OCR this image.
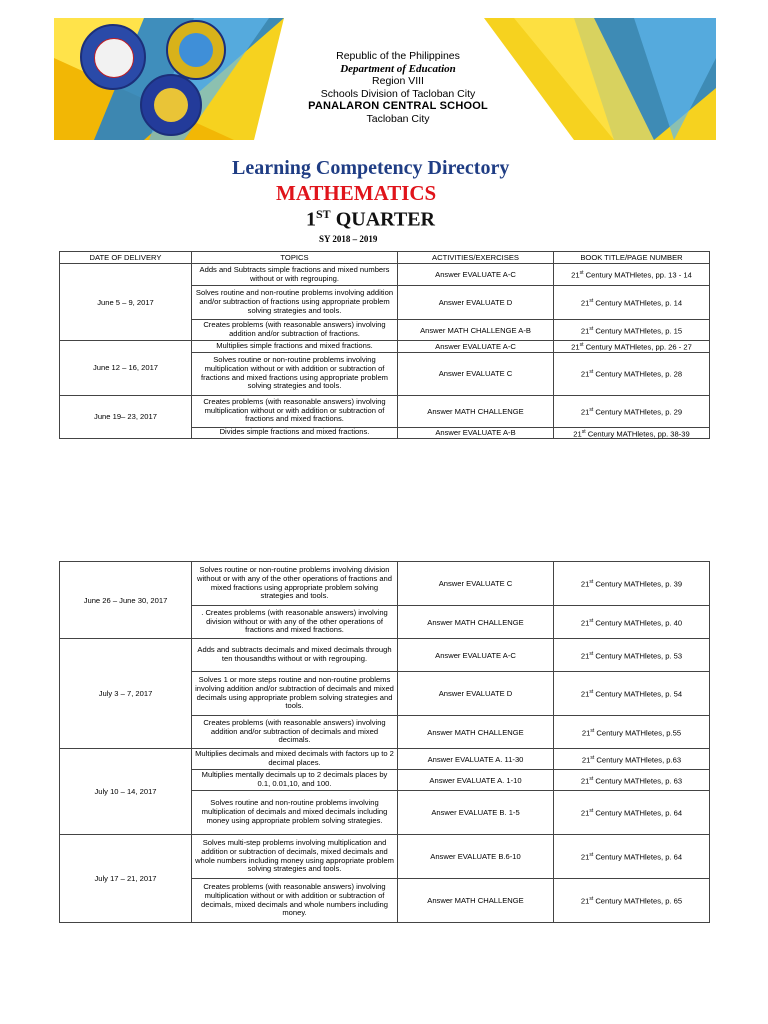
Republic of the Philippines
Department of Education
Region VIII
Schools Division of Tacloban City
PANALARON CENTRAL SCHOOL
Tacloban City
Learning Competency Directory
MATHEMATICS
1ST QUARTER
SY 2018 – 2019
DATE OF DELIVERY	TOPICS	ACTIVITIES/EXERCISES	BOOK TITLE/PAGE NUMBER
June 5 – 9, 2017	Adds and Subtracts simple fractions and mixed numbers without or with regrouping.	Answer EVALUATE A-C	21st Century MATHletes, pp. 13 - 14
	Solves routine and non-routine problems involving addition and/or subtraction of fractions using appropriate problem solving strategies and tools.	Answer EVALUATE D	21st Century MATHletes, p. 14
	Creates problems (with reasonable answers) involving addition and/or subtraction of fractions.	Answer MATH CHALLENGE A-B	21st Century MATHletes, p. 15
June 12 – 16, 2017	Multiplies simple fractions and mixed fractions.	Answer EVALUATE A-C	21st Century MATHletes, pp. 26 - 27
	Solves routine or non-routine problems involving multiplication without or with addition or subtraction of fractions and mixed fractions using appropriate problem solving strategies and tools.	Answer EVALUATE C	21st Century MATHletes, p. 28
June 19– 23, 2017	Creates problems (with reasonable answers) involving multiplication without or with addition or subtraction of fractions and mixed fractions.	Answer MATH CHALLENGE	21st Century MATHletes, p. 29
	Divides simple fractions and mixed fractions.	Answer EVALUATE A-B	21st Century MATHletes, pp. 38-39
June 26 – June 30, 2017	Solves routine or non-routine problems involving division without or with any of the other operations of fractions and mixed fractions using appropriate problem solving strategies and tools.	Answer EVALUATE C	21st Century MATHletes, p. 39
	. Creates problems (with reasonable answers) involving division without or with any of the other operations of fractions and mixed fractions.	Answer MATH CHALLENGE	21st Century MATHletes, p. 40
July 3 – 7, 2017	Adds and subtracts decimals and mixed decimals through ten thousandths without or with regrouping.	Answer EVALUATE A-C	21st Century MATHletes, p. 53
	Solves 1 or more steps routine and non-routine problems involving addition and/or subtraction of decimals and mixed decimals using appropriate problem solving strategies and tools.	Answer EVALUATE D	21st Century MATHletes, p. 54
	Creates problems (with reasonable answers) involving addition and/or subtraction of decimals and mixed decimals.	Answer MATH CHALLENGE	21st Century MATHletes, p.55
July 10 – 14, 2017	Multiplies decimals and mixed decimals with factors up to 2 decimal places.	Answer EVALUATE A. 11-30	21st Century MATHletes, p.63
	Multiplies mentally decimals up to 2 decimals places by 0.1, 0.01,10, and 100.	Answer EVALUATE A. 1-10	21st Century MATHletes, p. 63
	Solves routine and non-routine problems involving multiplication of decimals and mixed decimals including money using appropriate problem solving strategies.	Answer EVALUATE B. 1-5	21st Century MATHletes, p. 64
July 17 – 21, 2017	Solves multi-step problems involving multiplication and addition or subtraction of decimals, mixed decimals and whole numbers including money using appropriate problem solving strategies and tools.	Answer EVALUATE B.6-10	21st Century MATHletes, p. 64
	Creates problems (with reasonable answers) involving multiplication without or with addition or subtraction of decimals, mixed decimals and whole numbers including money.	Answer MATH CHALLENGE	21st Century MATHletes, p. 65
